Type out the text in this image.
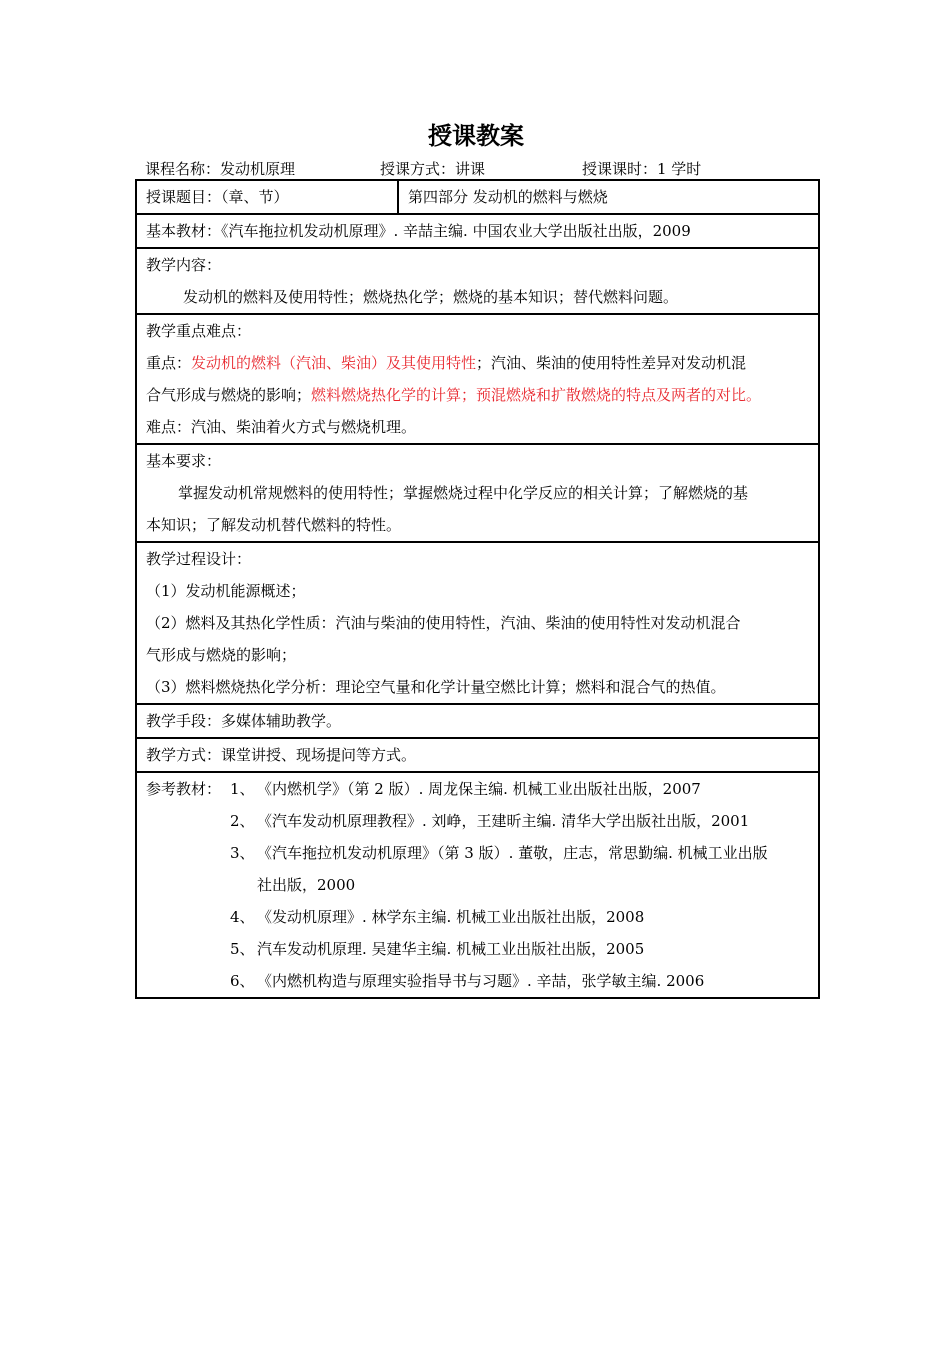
授课教案
课程名称：发动机原理	授课方式：讲课	授课课时：1 学时
授课题目：（章、节）	第四部分 发动机的燃料与燃烧

基本教材：《汽车拖拉机发动机原理》. 辛喆主编. 中国农业大学出版社出版，2009

教学内容：
发动机的燃料及使用特性；燃烧热化学；燃烧的基本知识；替代燃料问题。

教学重点难点：
重点：发动机的燃料（汽油、柴油）及其使用特性；汽油、柴油的使用特性差异对发动机混
合气形成与燃烧的影响；燃料燃烧热化学的计算；预混燃烧和扩散燃烧的特点及两者的对比。
难点：汽油、柴油着火方式与燃烧机理。

基本要求：
掌握发动机常规燃料的使用特性；掌握燃烧过程中化学反应的相关计算；了解燃烧的基
本知识；了解发动机替代燃料的特性。

教学过程设计：
（1）发动机能源概述；
（2）燃料及其热化学性质：汽油与柴油的使用特性，汽油、柴油的使用特性对发动机混合
气形成与燃烧的影响；
（3）燃料燃烧热化学分析：理论空气量和化学计量空燃比计算；燃料和混合气的热值。

教学手段：多媒体辅助教学。

教学方式：课堂讲授、现场提问等方式。

参考教材： 1、 《内燃机学》（第 2 版）. 周龙保主编. 机械工业出版社出版，2007
2、 《汽车发动机原理教程》. 刘峥，王建昕主编. 清华大学出版社出版，2001
3、 《汽车拖拉机发动机原理》（第 3 版）. 董敬，庄志，常思勤编. 机械工业出版
社出版，2000
4、 《发动机原理》. 林学东主编. 机械工业出版社出版，2008
5、 汽车发动机原理. 吴建华主编. 机械工业出版社出版，2005
6、 《内燃机构造与原理实验指导书与习题》. 辛喆，张学敏主编. 2006
